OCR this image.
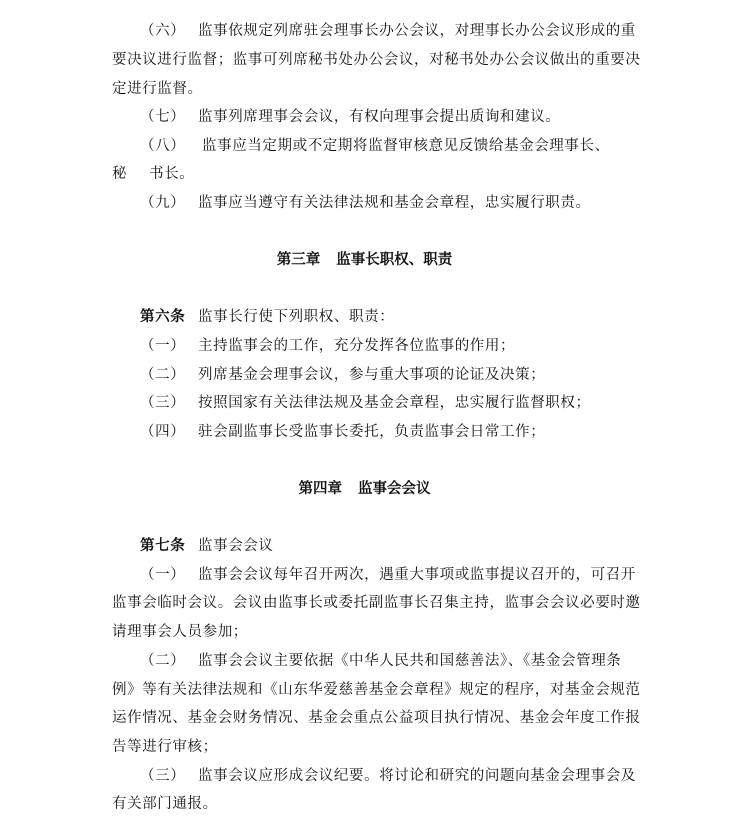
（六） 监事依规定列席驻会理事长办公会议，对理事长办公会议形成的重
要决议进行监督；监事可列席秘书处办公会议，对秘书处办公会议做出的重要决
定进行监督。
（七） 监事列席理事会会议，有权向理事会提出质询和建议。
（八） 监事应当定期或不定期将监督审核意见反馈给基金会理事长、
秘 书长。
（九） 监事应当遵守有关法律法规和基金会章程，忠实履行职责。
第三章 监事长职权、职责
第六条 监事长行使下列职权、职责：
（一） 主持监事会的工作，充分发挥各位监事的作用；
（二） 列席基金会理事会议，参与重大事项的论证及决策；
（三） 按照国家有关法律法规及基金会章程，忠实履行监督职权；
（四） 驻会副监事长受监事长委托，负责监事会日常工作；
第四章 监事会会议
第七条 监事会会议
（一） 监事会会议每年召开两次，遇重大事项或监事提议召开的，可召开
监事会临时会议。会议由监事长或委托副监事长召集主持，监事会会议必要时邀
请理事会人员参加；
（二） 监事会会议主要依据《中华人民共和国慈善法》、《基金会管理条
例》等有关法律法规和《山东华爱慈善基金会章程》规定的程序，对基金会规范
运作情况、基金会财务情况、基金会重点公益项目执行情况、基金会年度工作报
告等进行审核；
（三） 监事会议应形成会议纪要。将讨论和研究的问题向基金会理事会及
有关部门通报。
